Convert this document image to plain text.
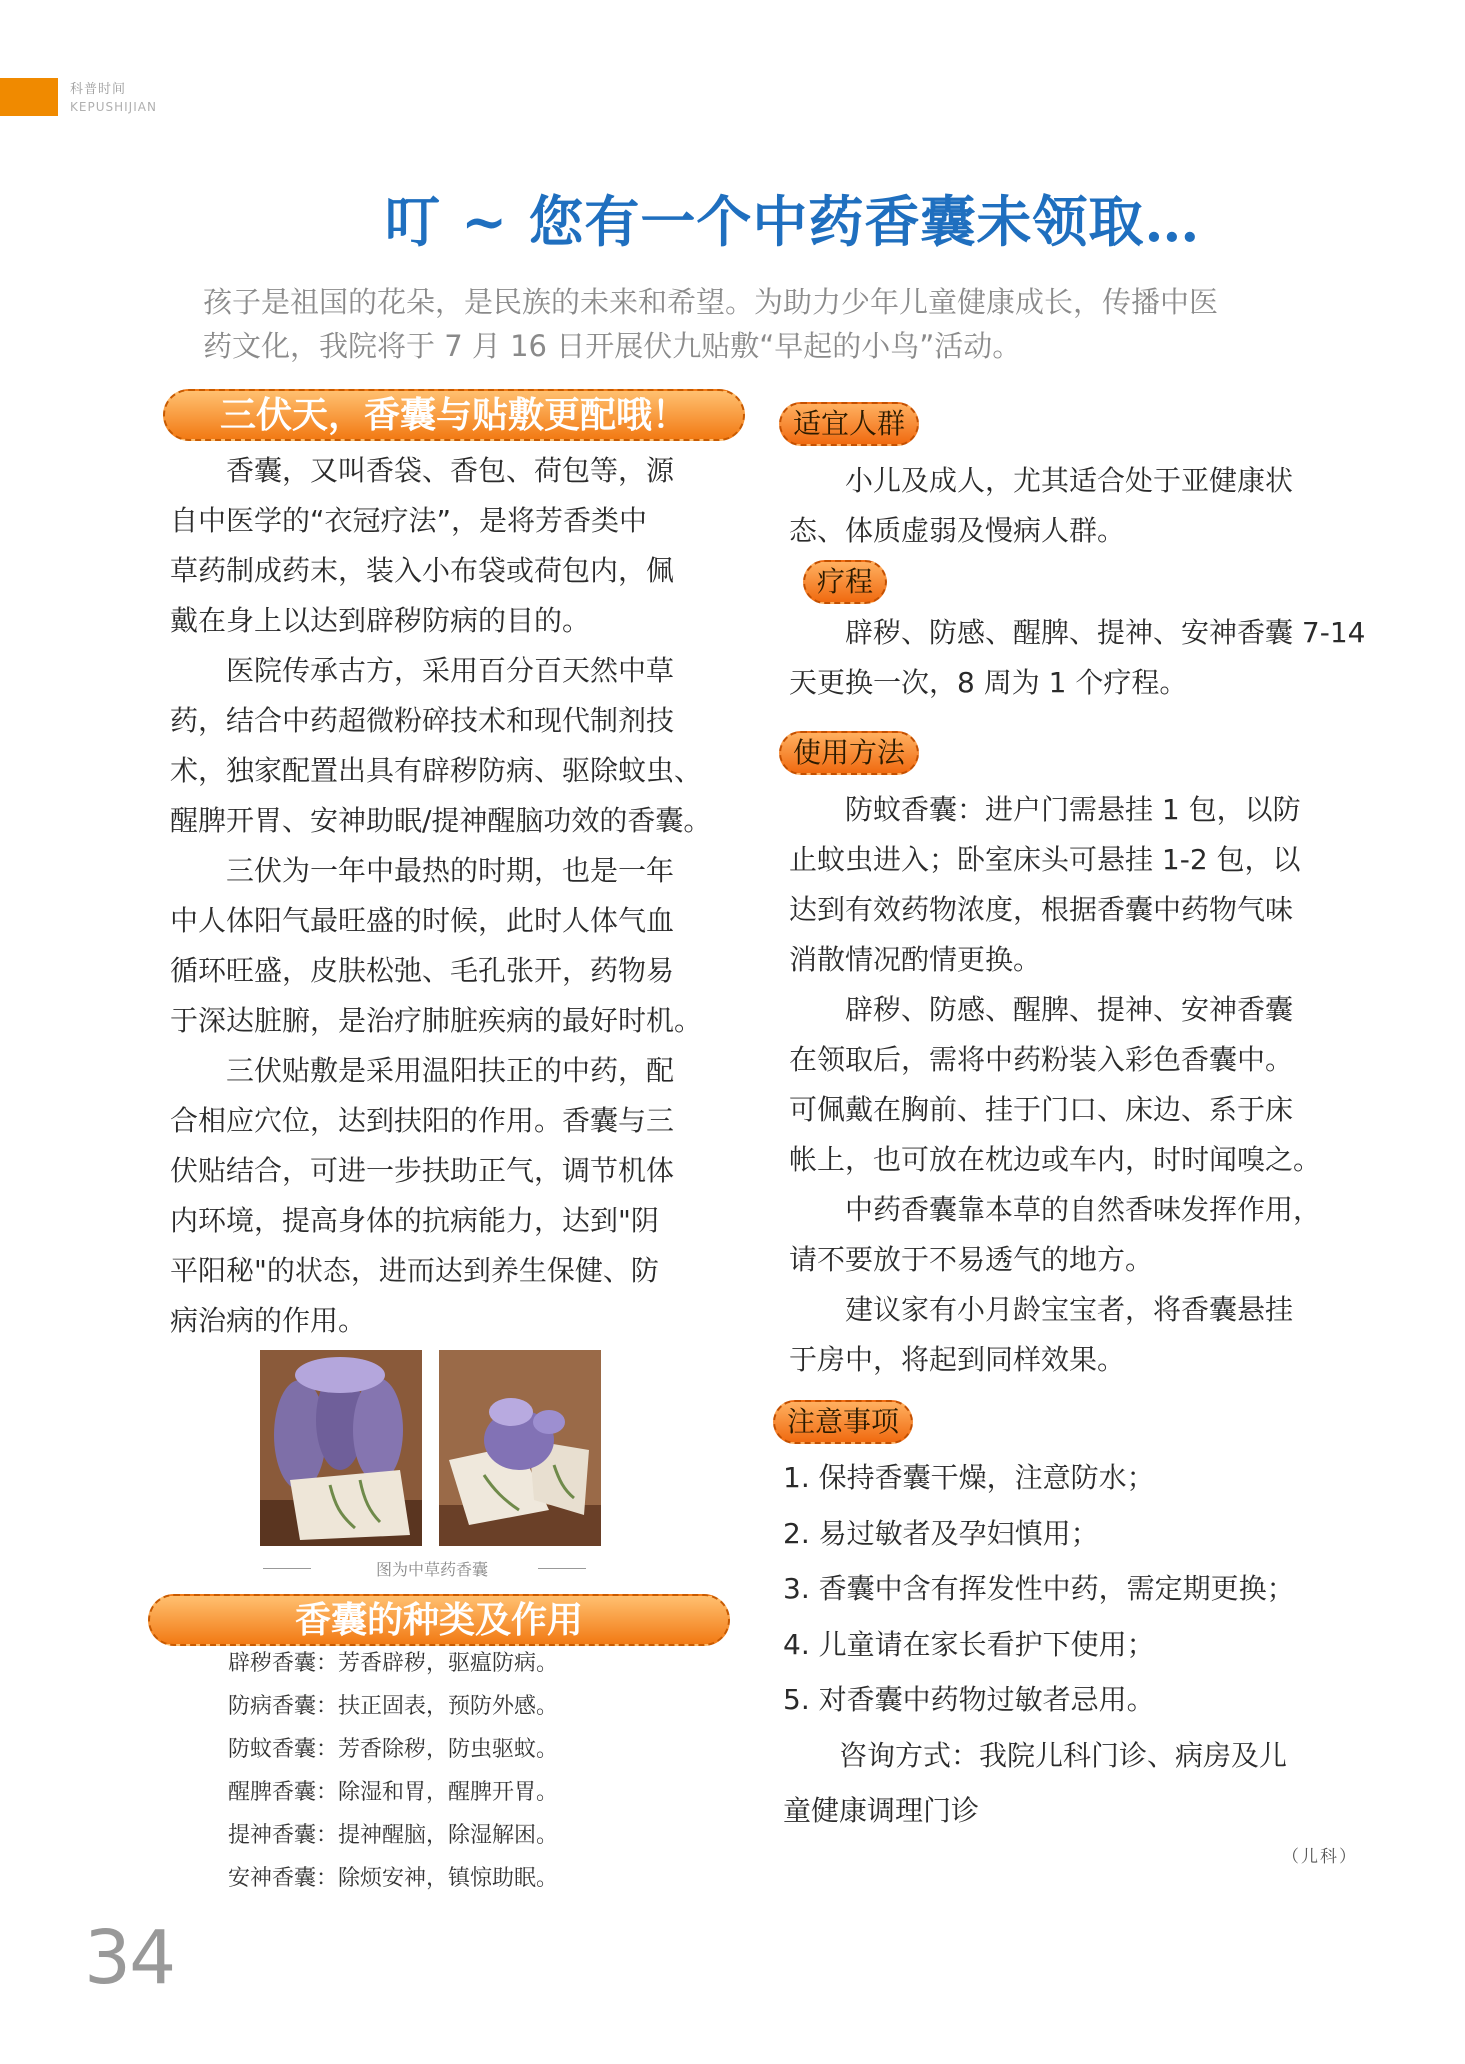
科普时间
KEPUSHIJIAN
叮 ~ 您有一个中药香囊未领取…

孩子是祖国的花朵，是民族的未来和希望。为助力少年儿童健康成长，传播中医

药文化，我院将于 7 月 16 日开展伏九贴敷“早起的小鸟”活动。

三伏天，香囊与贴敷更配哦！

　　香囊，又叫香袋、香包、荷包等，源

自中医学的“衣冠疗法”，是将芳香类中

草药制成药末，装入小布袋或荷包内，佩

戴在身上以达到辟秽防病的目的。

　　医院传承古方，采用百分百天然中草

药，结合中药超微粉碎技术和现代制剂技

术，独家配置出具有辟秽防病、驱除蚊虫、

醒脾开胃、安神助眠/提神醒脑功效的香囊。

　　三伏为一年中最热的时期，也是一年

中人体阳气最旺盛的时候，此时人体气血

循环旺盛，皮肤松弛、毛孔张开，药物易

于深达脏腑，是治疗肺脏疾病的最好时机。

　　三伏贴敷是采用温阳扶正的中药，配

合相应穴位，达到扶阳的作用。香囊与三

伏贴结合，可进一步扶助正气，调节机体

内环境，提高身体的抗病能力，达到"阴

平阳秘"的状态，进而达到养生保健、防

病治病的作用。

图为中草药香囊
香囊的种类及作用

辟秽香囊：芳香辟秽，驱瘟防病。

防病香囊：扶正固表，预防外感。

防蚊香囊：芳香除秽，防虫驱蚊。

醒脾香囊：除湿和胃，醒脾开胃。

提神香囊：提神醒脑，除湿解困。

安神香囊：除烦安神，镇惊助眠。

适宜人群

　　小儿及成人，尤其适合处于亚健康状

态、体质虚弱及慢病人群。

疗程

　　辟秽、防感、醒脾、提神、安神香囊 7-14

天更换一次，8 周为 1 个疗程。

使用方法

　　防蚊香囊：进户门需悬挂 1 包，以防

止蚊虫进入；卧室床头可悬挂 1-2 包，以

达到有效药物浓度，根据香囊中药物气味

消散情况酌情更换。

　　辟秽、防感、醒脾、提神、安神香囊

在领取后，需将中药粉装入彩色香囊中。

可佩戴在胸前、挂于门口、床边、系于床

帐上，也可放在枕边或车内，时时闻嗅之。

　　中药香囊靠本草的自然香味发挥作用，

请不要放于不易透气的地方。

　　建议家有小月龄宝宝者，将香囊悬挂

于房中，将起到同样效果。

注意事项

1. 保持香囊干燥，注意防水；

2. 易过敏者及孕妇慎用；

3. 香囊中含有挥发性中药，需定期更换；

4. 儿童请在家长看护下使用；

5. 对香囊中药物过敏者忌用。

　　咨询方式：我院儿科门诊、病房及儿

童健康调理门诊

（儿科）
34
